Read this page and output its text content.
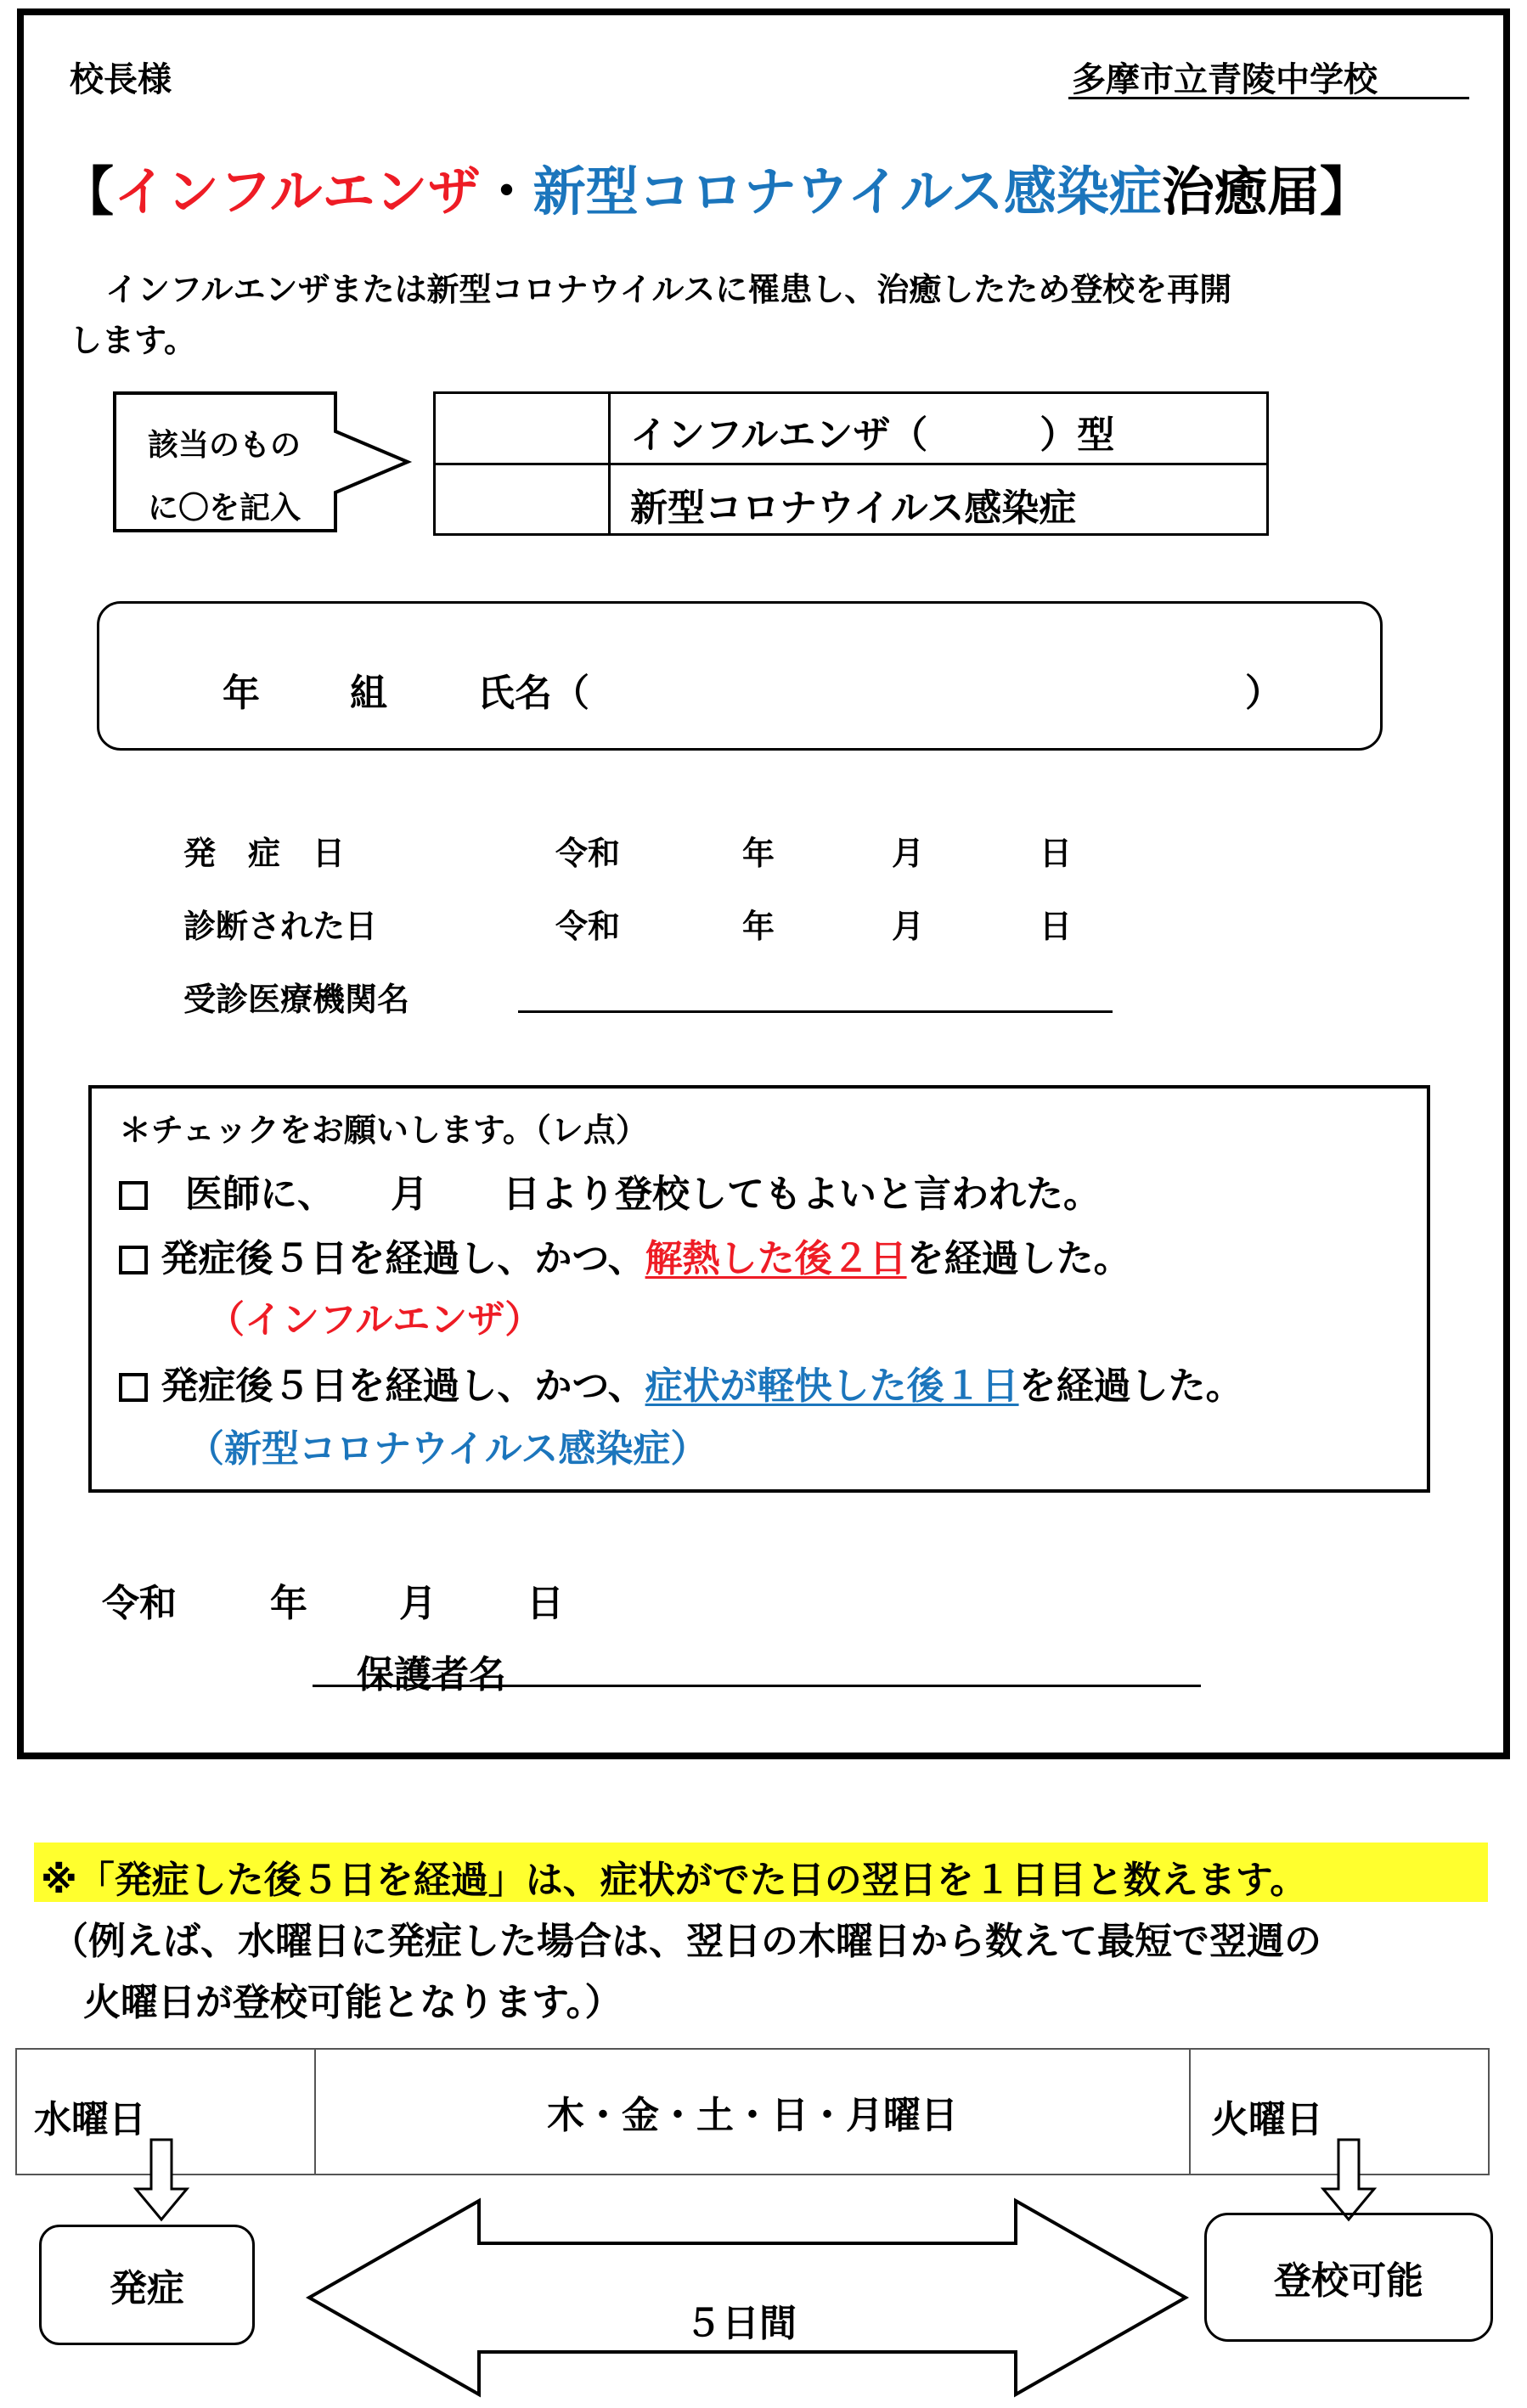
校長様	多摩市立青陵中学校
【インフルエンザ・新型コロナウイルス感染症治癒届】
インフルエンザまたは新型コロナウイルスに罹患し、治癒したため登校を再開
します。
該当のもの
に〇を記入
インフルエンザ（　　　）型
新型コロナウイルス感染症
年 組 氏名（	）
発　症　日	令和	年	月	日
診断された日	令和	年	月	日
受診医療機関名
＊チェックをお願いします。（レ点）
　医師に、　　月　　日より登校してもよいと言われた。
発症後５日を経過し、かつ、解熱した後２日を経過した。
（インフルエンザ）
発症後５日を経過し、かつ、症状が軽快した後１日を経過した。
（新型コロナウイルス感染症）
令和	年 月 日
保護者名
※「発症した後５日を経過」は、症状がでた日の翌日を１日目と数えます。
（例えば、水曜日に発症した場合は、翌日の木曜日から数えて最短で翌週の
火曜日が登校可能となります。）
水曜日	木・金・土・日・月曜日	火曜日
発症	登校可能
５日間
